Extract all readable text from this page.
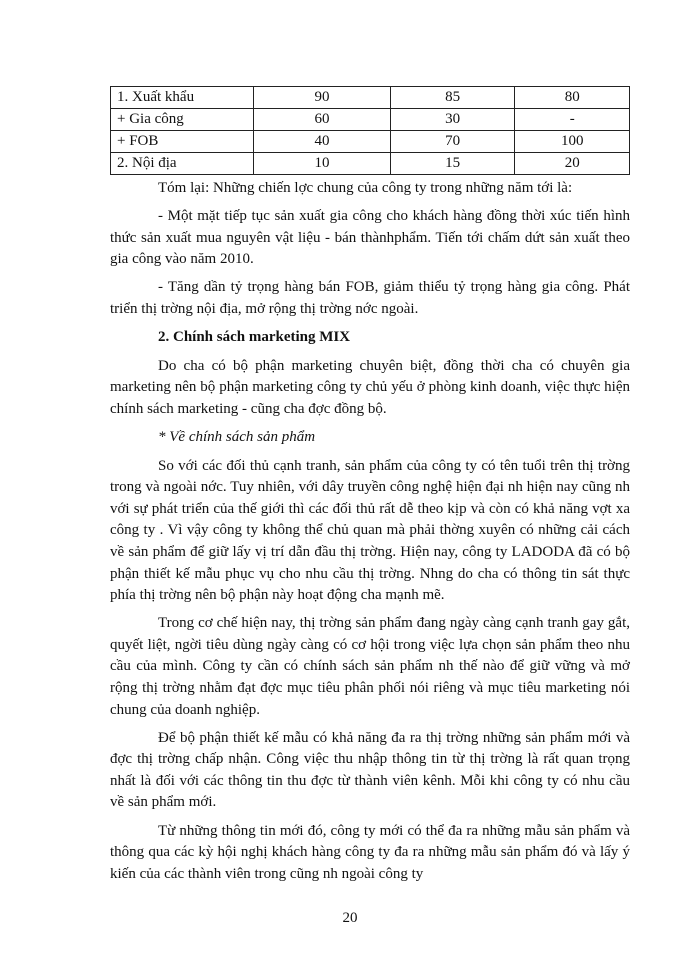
1. Xuất khẩu	90	85	80
+ Gia công	60	30	-
+ FOB	40	70	100
2. Nội địa	10	15	20

Tóm lại: Những chiến lợc chung của công ty trong những năm tới là:

- Một mặt tiếp tục sản xuất gia công cho khách hàng đồng thời xúc tiến hình thức sản xuất mua nguyên vật liệu - bán thànhphẩm. Tiến tới chấm dứt sản xuất theo gia công vào năm 2010.

- Tăng dần tỷ trọng hàng bán FOB, giảm thiểu tỷ trọng hàng gia công. Phát triển thị trờng nội địa, mở rộng thị trờng nớc ngoài.

2. Chính sách marketing MIX

Do cha có bộ phận marketing chuyên biệt, đồng thời cha có chuyên gia marketing nên bộ phận marketing công ty chủ yếu ở phòng kinh doanh, việc thực hiện chính sách marketing - cũng cha đợc đồng bộ.

* Về chính sách sản phẩm

So với các đối thủ cạnh tranh, sản phẩm của công ty có tên tuổi trên thị trờng trong và ngoài nớc. Tuy nhiên, với dây truyền công nghệ hiện đại nh hiện nay cũng nh với sự phát triển của thế giới thì các đối thủ rất dễ theo kịp và còn có khả năng vợt xa công ty . Vì vậy công ty không thể chủ quan mà phải thờng xuyên có những cải cách về sản phẩm để giữ lấy vị trí dẫn đầu thị trờng. Hiện nay, công ty LADODA đã có bộ phận thiết kế mẫu phục vụ cho nhu cầu thị trờng. Nhng do cha có thông tin sát thực phía thị trờng nên bộ phận này hoạt động cha mạnh mẽ.

Trong cơ chế hiện nay, thị trờng sản phẩm đang ngày càng cạnh tranh gay gắt, quyết liệt, ngời tiêu dùng ngày càng có cơ hội trong việc lựa chọn sản phẩm theo nhu cầu của mình. Công ty cần có chính sách sản phẩm nh thế nào để giữ vững và mở rộng thị trờng nhằm đạt đợc mục tiêu phân phối nói riêng và mục tiêu marketing nói chung của doanh nghiệp.

Để bộ phận thiết kế mẫu có khả năng đa ra thị trờng những sản phẩm mới và đợc thị trờng chấp nhận. Công việc thu nhập thông tin từ thị trờng là rất quan trọng nhất là đối với các thông tin thu đợc từ thành viên kênh. Mỗi khi công ty có nhu cầu về sản phẩm mới.

Từ những thông tin mới đó, công ty mới có thể đa ra những mẫu sản phẩm và thông qua các kỳ hội nghị khách hàng công ty đa ra những mẫu sản phẩm đó và lấy ý kiến của các thành viên trong cũng nh ngoài công ty

20
